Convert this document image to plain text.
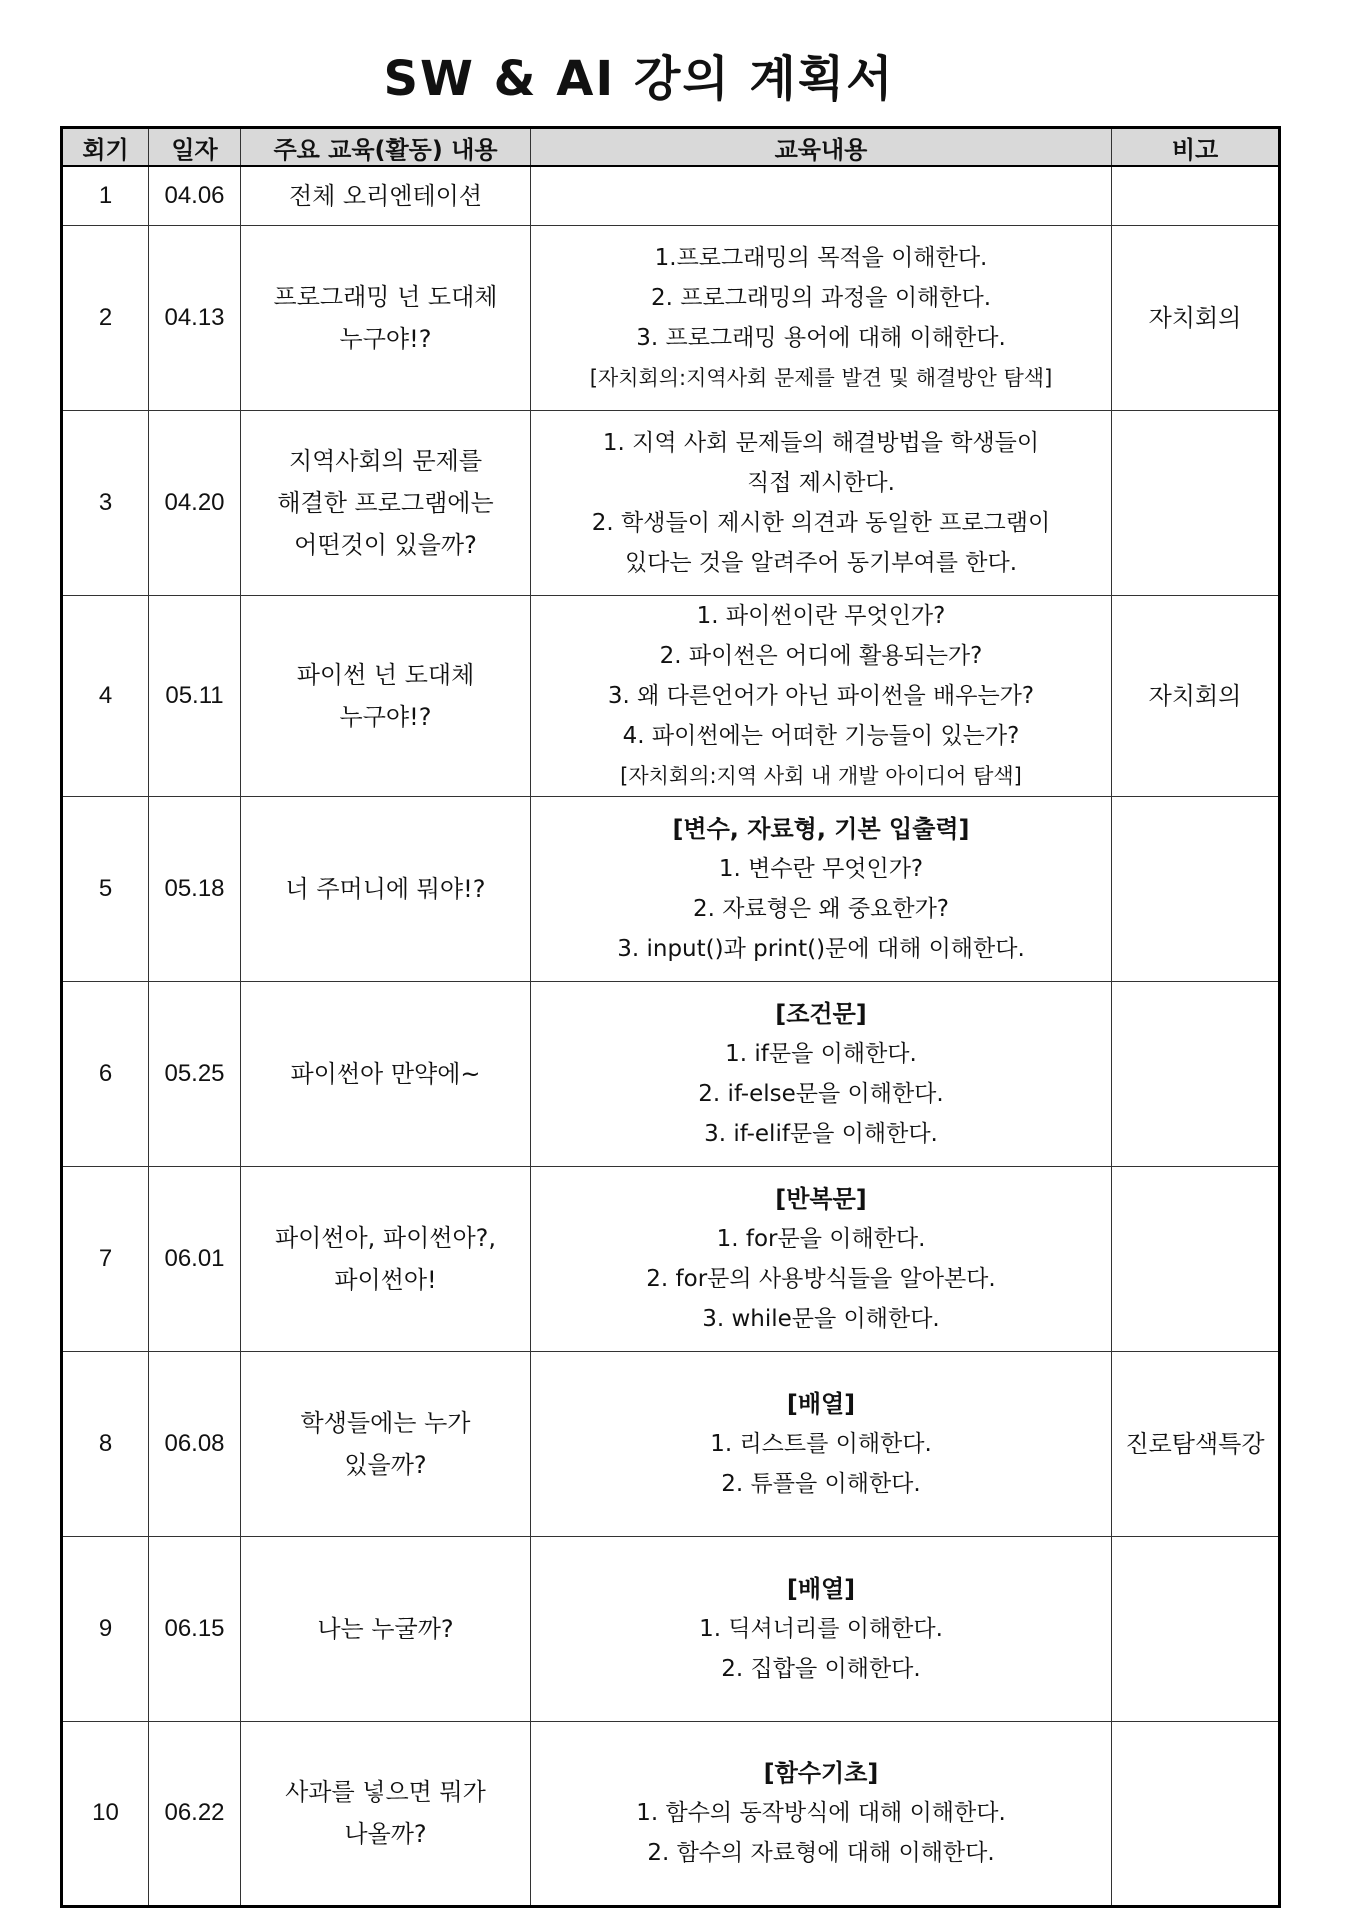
SW & AI 강의 계획서
회기	일자	주요 교육(활동) 내용	교육내용	비고
1	04.06	전체 오리엔테이션		

2	04.13	프로그래밍 넌 도대체
누구야!?	1.프로그래밍의 목적을 이해한다.
2. 프로그래밍의 과정을 이해한다.
3. 프로그래밍 용어에 대해 이해한다.
[자치회의:지역사회 문제를 발견 및 해결방안 탐색]	자치회의
3	04.20	지역사회의 문제를
해결한 프로그램에는
어떤것이 있을까?	1. 지역 사회 문제들의 해결방법을 학생들이
직접 제시한다.
2. 학생들이 제시한 의견과 동일한 프로그램이
있다는 것을 알려주어 동기부여를 한다.	

4	05.11	파이썬 넌 도대체
누구야!?	1. 파이썬이란 무엇인가?
2. 파이썬은 어디에 활용되는가?
3. 왜 다른언어가 아닌 파이썬을 배우는가?
4. 파이썬에는 어떠한 기능들이 있는가?
[자치회의:지역 사회 내 개발 아이디어 탐색]	자치회의
5	05.18	너 주머니에 뭐야!?	[변수, 자료형, 기본 입출력]
1. 변수란 무엇인가?
2. 자료형은 왜 중요한가?
3. input()과 print()문에 대해 이해한다.	

6	05.25	파이썬아 만약에~	[조건문]
1. if문을 이해한다.
2. if-else문을 이해한다.
3. if-elif문을 이해한다.	

7	06.01	파이썬아, 파이썬아?,
파이썬아!	[반복문]
1. for문을 이해한다.
2. for문의 사용방식들을 알아본다.
3. while문을 이해한다.	

8	06.08	학생들에는 누가
있을까?	[배열]
1. 리스트를 이해한다.
2. 튜플을 이해한다.	진로탐색특강
9	06.15	나는 누굴까?	[배열]
1. 딕셔너리를 이해한다.
2. 집합을 이해한다.	

10	06.22	사과를 넣으면 뭐가
나올까?	[함수기초]
1. 함수의 동작방식에 대해 이해한다.
2. 함수의 자료형에 대해 이해한다.	
